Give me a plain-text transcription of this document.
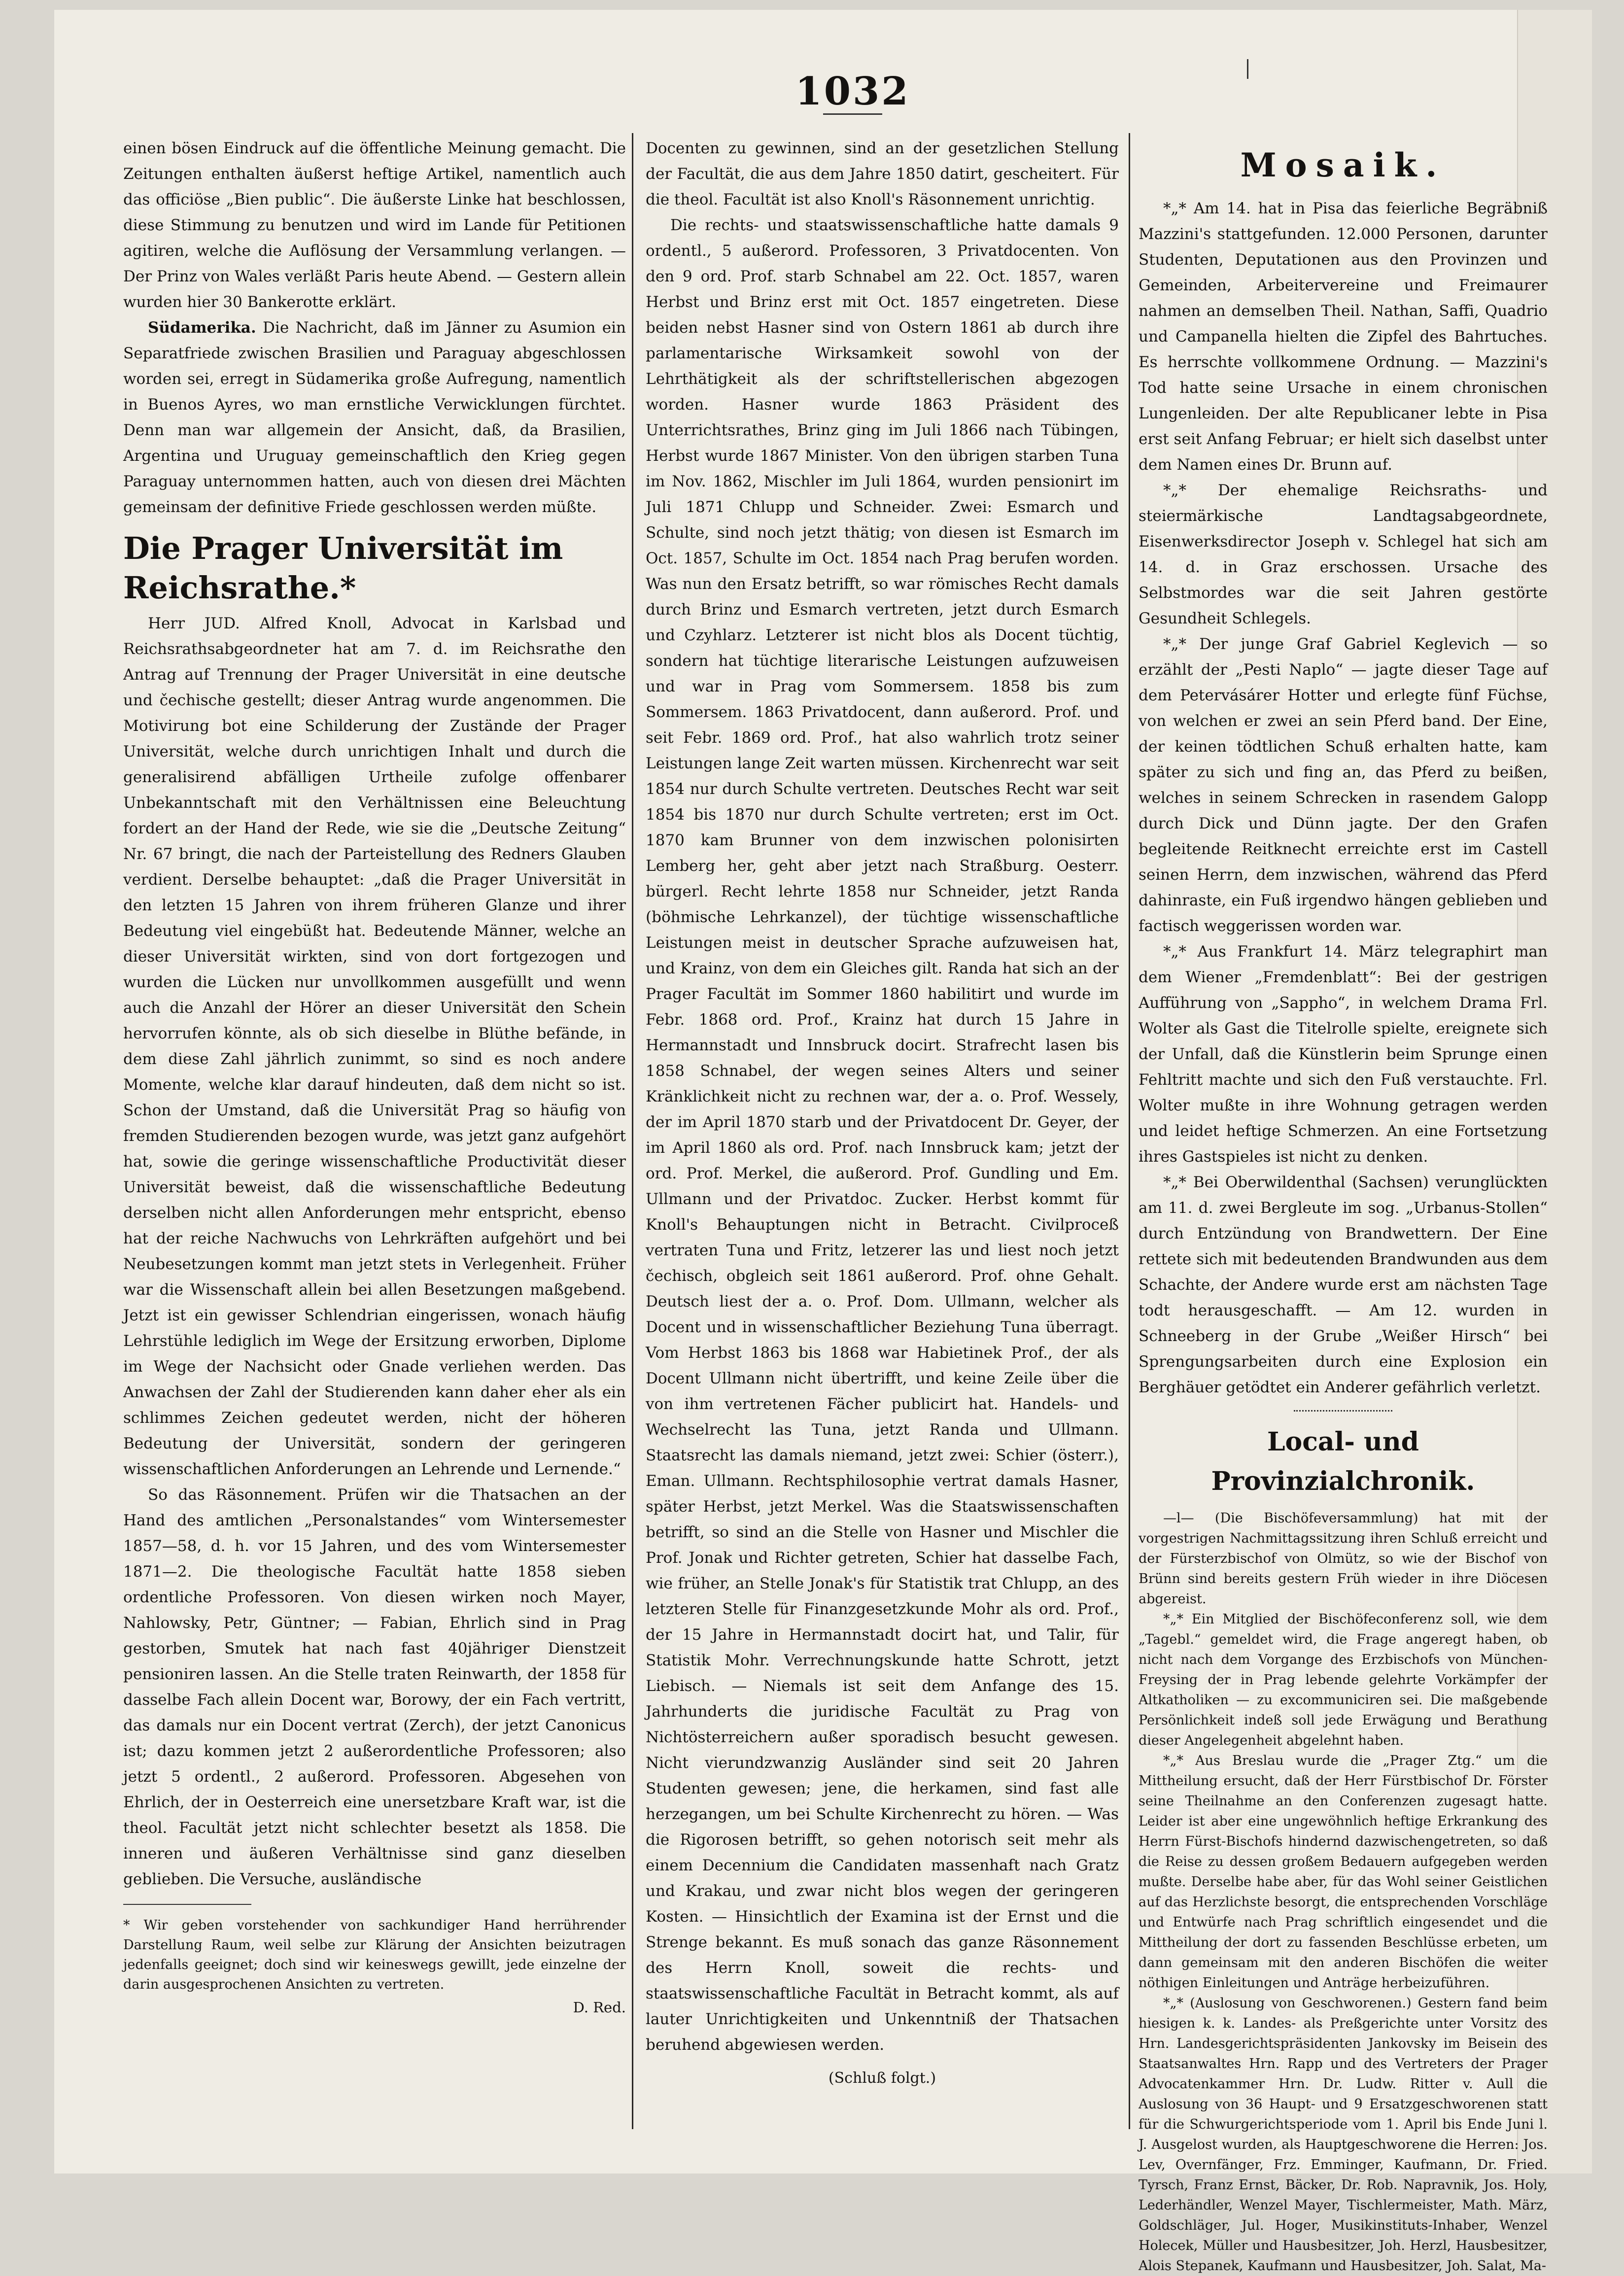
1032

einen bösen Eindruck auf die öffentliche Meinung gemacht. Die Zeitungen enthalten äußerst heftige Artikel, namentlich auch das officiöse „Bien public“. Die äußerste Linke hat beschlossen, diese Stimmung zu benutzen und wird im Lande für Petitionen agitiren, welche die Auflösung der Versammlung verlangen. — Der Prinz von Wales verläßt Paris heute Abend. — Gestern allein wurden hier 30 Bankerotte erklärt.

Südamerika. Die Nachricht, daß im Jänner zu Asumion ein Separatfriede zwischen Brasilien und Paraguay abgeschlossen worden sei, erregt in Südamerika große Aufregung, namentlich in Buenos Ayres, wo man ernstliche Verwicklungen fürchtet. Denn man war allgemein der Ansicht, daß, da Brasilien, Argentina und Uruguay gemeinschaftlich den Krieg gegen Paraguay unternommen hatten, auch von diesen drei Mächten gemeinsam der definitive Friede geschlossen werden müßte.

Die Prager Universität im Reichsrathe.*

Herr JUD. Alfred Knoll, Advocat in Karlsbad und Reichsrathsabgeordneter hat am 7. d. im Reichsrathe den Antrag auf Trennung der Prager Universität in eine deutsche und čechische gestellt; dieser Antrag wurde angenommen. Die Motivirung bot eine Schilderung der Zustände der Prager Universität, welche durch unrichtigen Inhalt und durch die generalisirend abfälligen Urtheile zufolge offenbarer Unbekanntschaft mit den Verhältnissen eine Beleuchtung fordert an der Hand der Rede, wie sie die „Deutsche Zeitung“ Nr. 67 bringt, die nach der Parteistellung des Redners Glauben verdient. Derselbe behauptet: „daß die Prager Universität in den letzten 15 Jahren von ihrem früheren Glanze und ihrer Bedeutung viel eingebüßt hat. Bedeutende Männer, welche an dieser Universität wirkten, sind von dort fortgezogen und wurden die Lücken nur unvollkommen ausgefüllt und wenn auch die Anzahl der Hörer an dieser Universität den Schein hervorrufen könnte, als ob sich dieselbe in Blüthe befände, in dem diese Zahl jährlich zunimmt, so sind es noch andere Momente, welche klar darauf hindeuten, daß dem nicht so ist. Schon der Umstand, daß die Universität Prag so häufig von fremden Studierenden bezogen wurde, was jetzt ganz aufgehört hat, sowie die geringe wissenschaftliche Productivität dieser Universität beweist, daß die wissenschaftliche Bedeutung derselben nicht allen Anforderungen mehr entspricht, ebenso hat der reiche Nachwuchs von Lehrkräften aufgehört und bei Neubesetzungen kommt man jetzt stets in Verlegenheit. Früher war die Wissenschaft allein bei allen Besetzungen maßgebend. Jetzt ist ein gewisser Schlendrian eingerissen, wonach häufig Lehrstühle lediglich im Wege der Ersitzung erworben, Diplome im Wege der Nachsicht oder Gnade verliehen werden. Das Anwachsen der Zahl der Studierenden kann daher eher als ein schlimmes Zeichen gedeutet werden, nicht der höheren Bedeutung der Universität, sondern der geringeren wissenschaftlichen Anforderungen an Lehrende und Lernende.“

So das Räsonnement. Prüfen wir die Thatsachen an der Hand des amtlichen „Personalstandes“ vom Wintersemester 1857—58, d. h. vor 15 Jahren, und des vom Wintersemester 1871—2. Die theologische Facultät hatte 1858 sieben ordentliche Professoren. Von diesen wirken noch Mayer, Nahlowsky, Petr, Güntner; — Fabian, Ehrlich sind in Prag gestorben, Smutek hat nach fast 40jähriger Dienstzeit pensioniren lassen. An die Stelle traten Reinwarth, der 1858 für dasselbe Fach allein Docent war, Borowy, der ein Fach vertritt, das damals nur ein Docent vertrat (Zerch), der jetzt Canonicus ist; dazu kommen jetzt 2 außerordentliche Professoren; also jetzt 5 ordentl., 2 außerord. Professoren. Abgesehen von Ehrlich, der in Oesterreich eine unersetzbare Kraft war, ist die theol. Facultät jetzt nicht schlechter besetzt als 1858. Die inneren und äußeren Verhältnisse sind ganz dieselben geblieben. Die Versuche, ausländische

* Wir geben vorstehender von sachkundiger Hand herrührender Darstellung Raum, weil selbe zur Klärung der Ansichten beizutragen jedenfalls geeignet; doch sind wir keineswegs gewillt, jede einzelne der darin ausgesprochenen Ansichten zu vertreten.

D. Red.

Docenten zu gewinnen, sind an der gesetzlichen Stellung der Facultät, die aus dem Jahre 1850 datirt, gescheitert. Für die theol. Facultät ist also Knoll's Räsonnement unrichtig.

Die rechts- und staatswissenschaftliche hatte damals 9 ordentl., 5 außerord. Professoren, 3 Privatdocenten. Von den 9 ord. Prof. starb Schnabel am 22. Oct. 1857, waren Herbst und Brinz erst mit Oct. 1857 eingetreten. Diese beiden nebst Hasner sind von Ostern 1861 ab durch ihre parlamentarische Wirksamkeit sowohl von der Lehrthätigkeit als der schriftstellerischen abgezogen worden. Hasner wurde 1863 Präsident des Unterrichtsrathes, Brinz ging im Juli 1866 nach Tübingen, Herbst wurde 1867 Minister. Von den übrigen starben Tuna im Nov. 1862, Mischler im Juli 1864, wurden pensionirt im Juli 1871 Chlupp und Schneider. Zwei: Esmarch und Schulte, sind noch jetzt thätig; von diesen ist Esmarch im Oct. 1857, Schulte im Oct. 1854 nach Prag berufen worden. Was nun den Ersatz betrifft, so war römisches Recht damals durch Brinz und Esmarch vertreten, jetzt durch Esmarch und Czyhlarz. Letzterer ist nicht blos als Docent tüchtig, sondern hat tüchtige literarische Leistungen aufzuweisen und war in Prag vom Sommersem. 1858 bis zum Sommersem. 1863 Privatdocent, dann außerord. Prof. und seit Febr. 1869 ord. Prof., hat also wahrlich trotz seiner Leistungen lange Zeit warten müssen. Kirchenrecht war seit 1854 nur durch Schulte vertreten. Deutsches Recht war seit 1854 bis 1870 nur durch Schulte vertreten; erst im Oct. 1870 kam Brunner von dem inzwischen polonisirten Lemberg her, geht aber jetzt nach Straßburg. Oesterr. bürgerl. Recht lehrte 1858 nur Schneider, jetzt Randa (böhmische Lehrkanzel), der tüchtige wissenschaftliche Leistungen meist in deutscher Sprache aufzuweisen hat, und Krainz, von dem ein Gleiches gilt. Randa hat sich an der Prager Facultät im Sommer 1860 habilitirt und wurde im Febr. 1868 ord. Prof., Krainz hat durch 15 Jahre in Hermannstadt und Innsbruck docirt. Strafrecht lasen bis 1858 Schnabel, der wegen seines Alters und seiner Kränklichkeit nicht zu rechnen war, der a. o. Prof. Wessely, der im April 1870 starb und der Privatdocent Dr. Geyer, der im April 1860 als ord. Prof. nach Innsbruck kam; jetzt der ord. Prof. Merkel, die außerord. Prof. Gundling und Em. Ullmann und der Privatdoc. Zucker. Herbst kommt für Knoll's Behauptungen nicht in Betracht. Civilproceß vertraten Tuna und Fritz, letzerer las und liest noch jetzt čechisch, obgleich seit 1861 außerord. Prof. ohne Gehalt. Deutsch liest der a. o. Prof. Dom. Ullmann, welcher als Docent und in wissenschaftlicher Beziehung Tuna überragt. Vom Herbst 1863 bis 1868 war Habietinek Prof., der als Docent Ullmann nicht übertrifft, und keine Zeile über die von ihm vertretenen Fächer publicirt hat. Handels- und Wechselrecht las Tuna, jetzt Randa und Ullmann. Staatsrecht las damals niemand, jetzt zwei: Schier (österr.), Eman. Ullmann. Rechtsphilosophie vertrat damals Hasner, später Herbst, jetzt Merkel. Was die Staatswissenschaften betrifft, so sind an die Stelle von Hasner und Mischler die Prof. Jonak und Richter getreten, Schier hat dasselbe Fach, wie früher, an Stelle Jonak's für Statistik trat Chlupp, an des letzteren Stelle für Finanzgesetzkunde Mohr als ord. Prof., der 15 Jahre in Hermannstadt docirt hat, und Talir, für Statistik Mohr. Verrechnungskunde hatte Schrott, jetzt Liebisch. — Niemals ist seit dem Anfange des 15. Jahrhunderts die juridische Facultät zu Prag von Nichtösterreichern außer sporadisch besucht gewesen. Nicht vierundzwanzig Ausländer sind seit 20 Jahren Studenten gewesen; jene, die herkamen, sind fast alle herzegangen, um bei Schulte Kirchenrecht zu hören. — Was die Rigorosen betrifft, so gehen notorisch seit mehr als einem Decennium die Candidaten massenhaft nach Gratz und Krakau, und zwar nicht blos wegen der geringeren Kosten. — Hinsichtlich der Examina ist der Ernst und die Strenge bekannt. Es muß sonach das ganze Räsonnement des Herrn Knoll, soweit die rechts- und staatswissenschaftliche Facultät in Betracht kommt, als auf lauter Unrichtigkeiten und Unkenntniß der Thatsachen beruhend abgewiesen werden.

(Schluß folgt.)

Mosaik.

*„* Am 14. hat in Pisa das feierliche Begräbniß Mazzini's stattgefunden. 12.000 Personen, darunter Studenten, Deputationen aus den Provinzen und Gemeinden, Arbeitervereine und Freimaurer nahmen an demselben Theil. Nathan, Saffi, Quadrio und Campanella hielten die Zipfel des Bahrtuches. Es herrschte vollkommene Ordnung. — Mazzini's Tod hatte seine Ursache in einem chronischen Lungenleiden. Der alte Republicaner lebte in Pisa erst seit Anfang Februar; er hielt sich daselbst unter dem Namen eines Dr. Brunn auf.

*„* Der ehemalige Reichsraths- und steiermärkische Landtagsabgeordnete, Eisenwerksdirector Joseph v. Schlegel hat sich am 14. d. in Graz erschossen. Ursache des Selbstmordes war die seit Jahren gestörte Gesundheit Schlegels.

*„* Der junge Graf Gabriel Keglevich — so erzählt der „Pesti Naplo“ — jagte dieser Tage auf dem Petervásárer Hotter und erlegte fünf Füchse, von welchen er zwei an sein Pferd band. Der Eine, der keinen tödtlichen Schuß erhalten hatte, kam später zu sich und fing an, das Pferd zu beißen, welches in seinem Schrecken in rasendem Galopp durch Dick und Dünn jagte. Der den Grafen begleitende Reitknecht erreichte erst im Castell seinen Herrn, dem inzwischen, während das Pferd dahinraste, ein Fuß irgendwo hängen geblieben und factisch weggerissen worden war.

*„* Aus Frankfurt 14. März telegraphirt man dem Wiener „Fremdenblatt“: Bei der gestrigen Aufführung von „Sappho“, in welchem Drama Frl. Wolter als Gast die Titelrolle spielte, ereignete sich der Unfall, daß die Künstlerin beim Sprunge einen Fehltritt machte und sich den Fuß verstauchte. Frl. Wolter mußte in ihre Wohnung getragen werden und leidet heftige Schmerzen. An eine Fortsetzung ihres Gastspieles ist nicht zu denken.

*„* Bei Oberwildenthal (Sachsen) verunglückten am 11. d. zwei Bergleute im sog. „Urbanus-Stollen“ durch Entzündung von Brandwettern. Der Eine rettete sich mit bedeutenden Brandwunden aus dem Schachte, der Andere wurde erst am nächsten Tage todt herausgeschafft. — Am 12. wurden in Schneeberg in der Grube „Weißer Hirsch“ bei Sprengungsarbeiten durch eine Explosion ein Berghäuer getödtet ein Anderer gefährlich verletzt.

Local- und Provinzialchronik.

—l— (Die Bischöfeversammlung) hat mit der vorgestrigen Nachmittagssitzung ihren Schluß erreicht und der Fürsterzbischof von Olmütz, so wie der Bischof von Brünn sind bereits gestern Früh wieder in ihre Diöcesen abgereist.

*„* Ein Mitglied der Bischöfeconferenz soll, wie dem „Tagebl.“ gemeldet wird, die Frage angeregt haben, ob nicht nach dem Vorgange des Erzbischofs von München-Freysing der in Prag lebende gelehrte Vorkämpfer der Altkatholiken — zu excommuniciren sei. Die maßgebende Persönlichkeit indeß soll jede Erwägung und Berathung dieser Angelegenheit abgelehnt haben.

*„* Aus Breslau wurde die „Prager Ztg.“ um die Mittheilung ersucht, daß der Herr Fürstbischof Dr. Förster seine Theilnahme an den Conferenzen zugesagt hatte. Leider ist aber eine ungewöhnlich heftige Erkrankung des Herrn Fürst-Bischofs hindernd dazwischengetreten, so daß die Reise zu dessen großem Bedauern aufgegeben werden mußte. Derselbe habe aber, für das Wohl seiner Geistlichen auf das Herzlichste besorgt, die entsprechenden Vorschläge und Entwürfe nach Prag schriftlich eingesendet und die Mittheilung der dort zu fassenden Beschlüsse erbeten, um dann gemeinsam mit den anderen Bischöfen die weiter nöthigen Einleitungen und Anträge herbeizuführen.

*„* (Auslosung von Geschworenen.) Gestern fand beim hiesigen k. k. Landes- als Preßgerichte unter Vorsitz des Hrn. Landesgerichtspräsidenten Jankovsky im Beisein des Staatsanwaltes Hrn. Rapp und des Vertreters der Prager Advocatenkammer Hrn. Dr. Ludw. Ritter v. Aull die Auslosung von 36 Haupt- und 9 Ersatzgeschworenen statt für die Schwurgerichtsperiode vom 1. April bis Ende Juni l. J. Ausgelost wurden, als Hauptgeschworene die Herren: Jos. Lev, Overnfänger, Frz. Emminger, Kaufmann, Dr. Fried. Tyrsch, Franz Ernst, Bäcker, Dr. Rob. Napravnik, Jos. Holy, Lederhändler, Wenzel Mayer, Tischlermeister, Math. März, Goldschläger, Jul. Hoger, Musikinstituts-Inhaber, Wenzel Holecek, Müller und Hausbesitzer, Joh. Herzl, Hausbesitzer, Alois Stepanek, Kaufmann und Hausbesitzer, Joh. Salat, Ma-
